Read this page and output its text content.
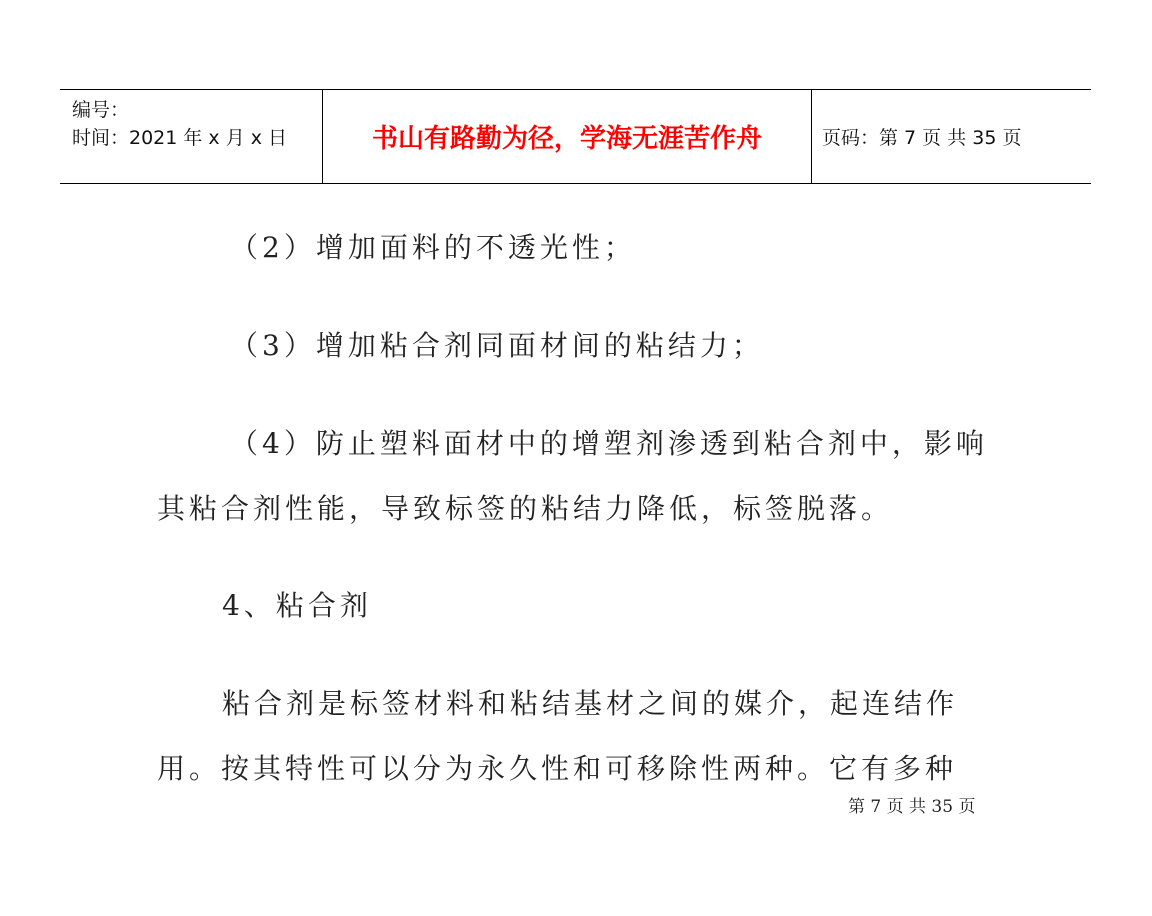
编号：
时间：2021 年 x 月 x 日	书山有路勤为径，学海无涯苦作舟	页码：第 7 页 共 35 页
（2）增加面料的不透光性；
（3）增加粘合剂同面材间的粘结力；
（4）防止塑料面材中的增塑剂渗透到粘合剂中，影响
其粘合剂性能，导致标签的粘结力降低，标签脱落。
4、粘合剂
粘合剂是标签材料和粘结基材之间的媒介，起连结作
用。按其特性可以分为永久性和可移除性两种。它有多种
第 7 页 共 35 页
